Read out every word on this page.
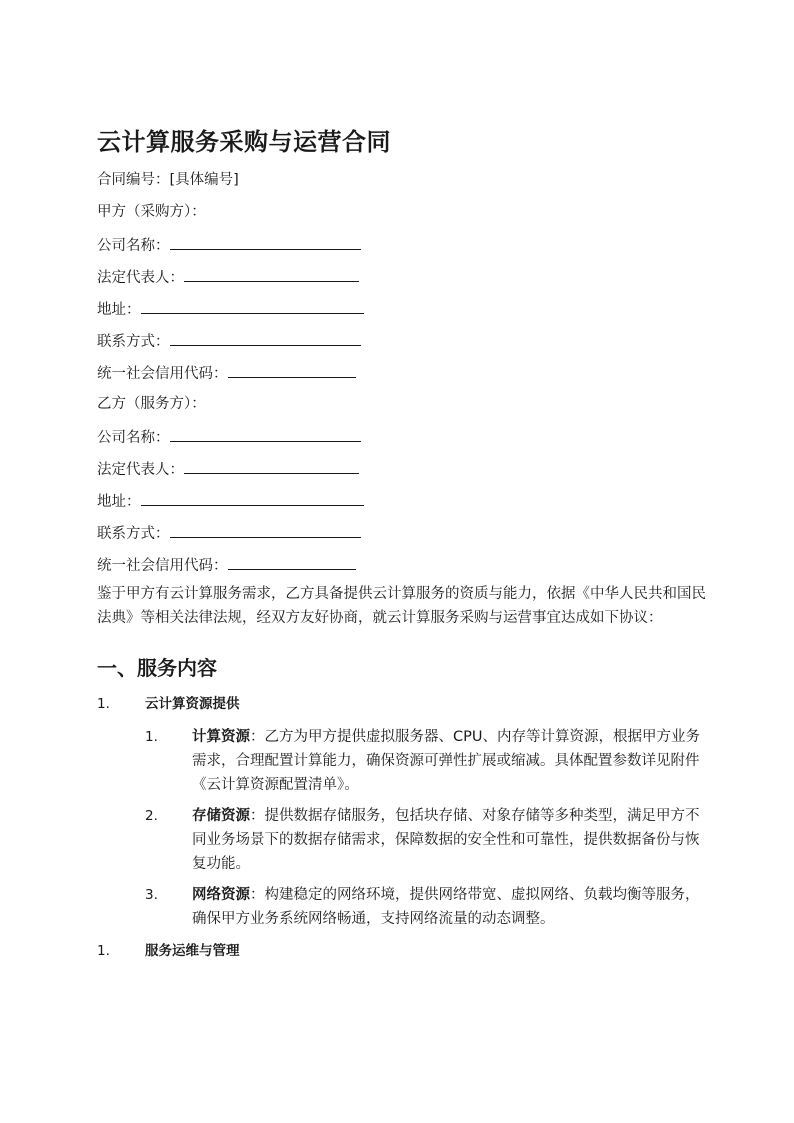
云计算服务采购与运营合同
合同编号：[具体编号]
甲方（采购方）：
公司名称：
法定代表人：
地址：
联系方式：
统一社会信用代码：
乙方（服务方）：
公司名称：
法定代表人：
地址：
联系方式：
统一社会信用代码：
鉴于甲方有云计算服务需求，乙方具备提供云计算服务的资质与能力，依据《中华人民共和国民法典》等相关法律法规，经双方友好协商，就云计算服务采购与运营事宜达成如下协议：
一、服务内容
1.	云计算资源提供
1. 计算资源：乙方为甲方提供虚拟服务器、CPU、内存等计算资源，根据甲方业务需求，合理配置计算能力，确保资源可弹性扩展或缩减。具体配置参数详见附件《云计算资源配置清单》。
2. 存储资源：提供数据存储服务，包括块存储、对象存储等多种类型，满足甲方不同业务场景下的数据存储需求，保障数据的安全性和可靠性，提供数据备份与恢复功能。
3. 网络资源：构建稳定的网络环境，提供网络带宽、虚拟网络、负载均衡等服务，确保甲方业务系统网络畅通，支持网络流量的动态调整。
1.	服务运维与管理
